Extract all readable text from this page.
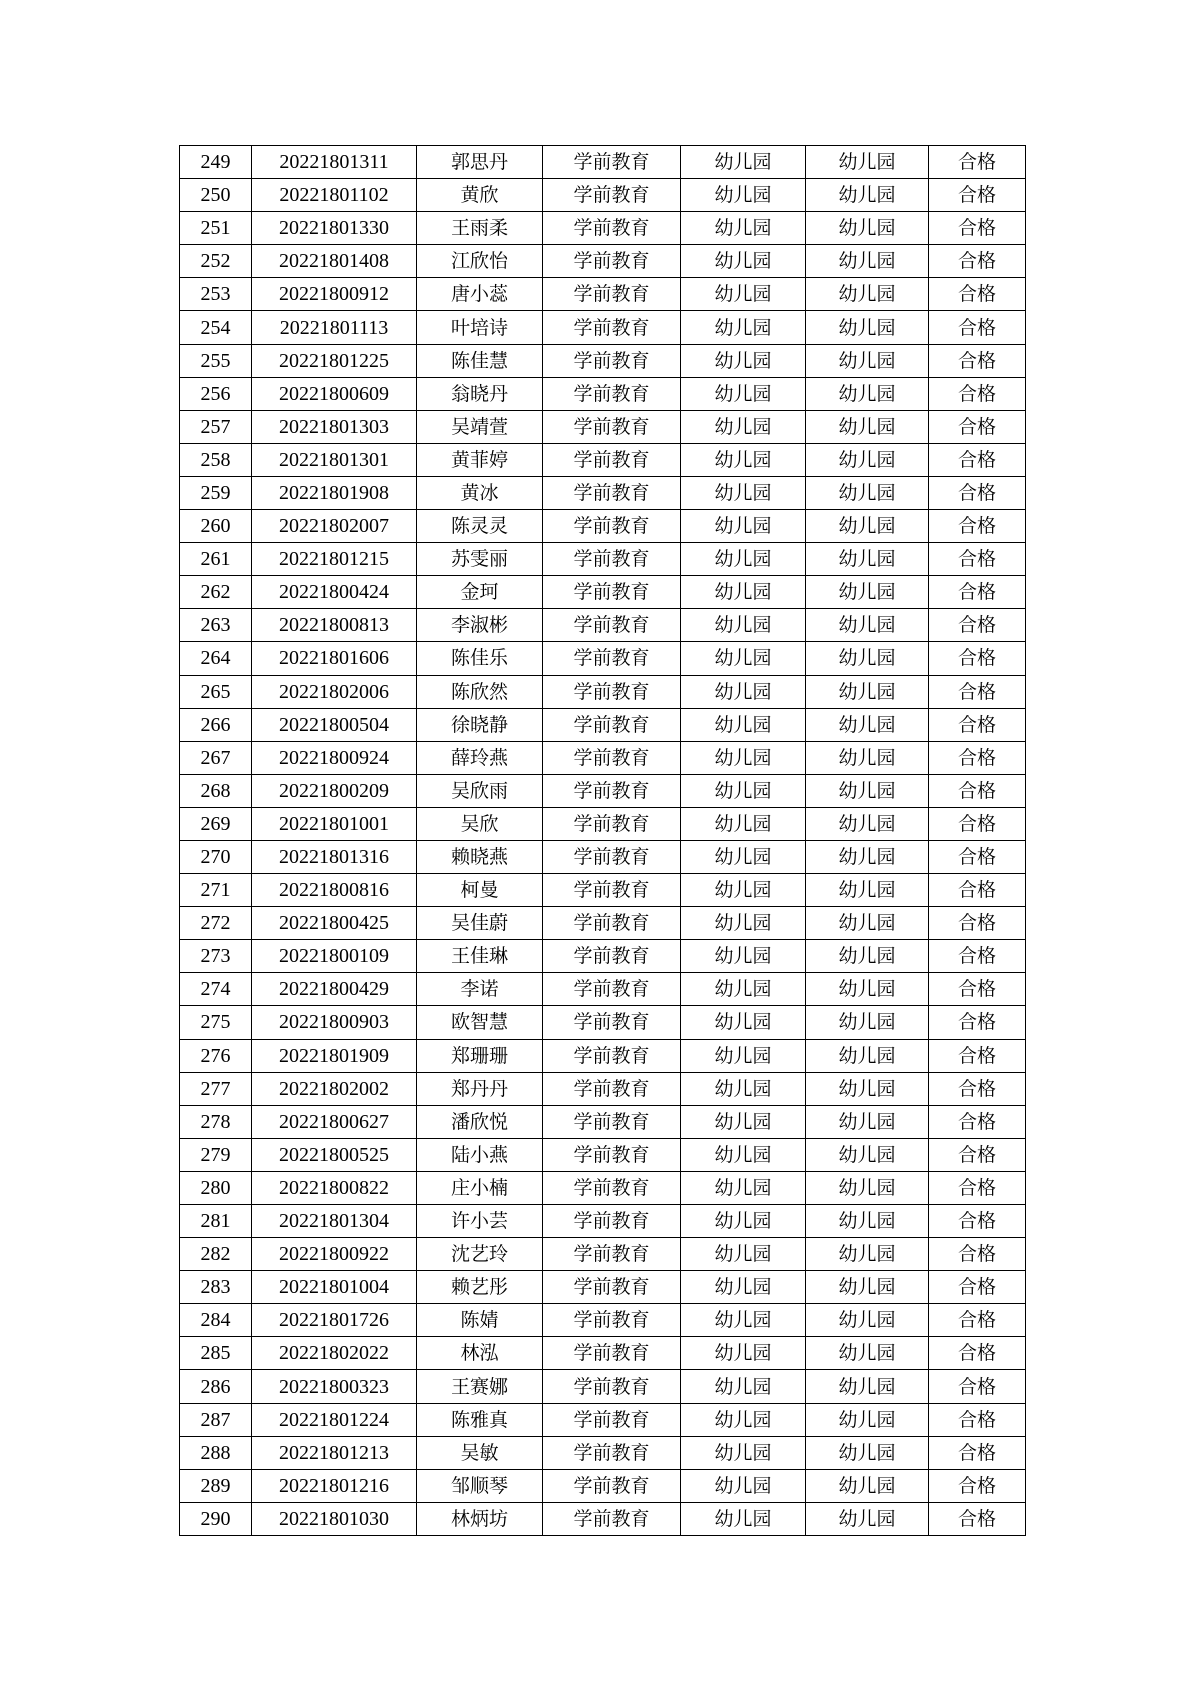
249	20221801311	郭思丹	学前教育	幼儿园	幼儿园	合格
250	20221801102	黄欣	学前教育	幼儿园	幼儿园	合格
251	20221801330	王雨柔	学前教育	幼儿园	幼儿园	合格
252	20221801408	江欣怡	学前教育	幼儿园	幼儿园	合格
253	20221800912	唐小蕊	学前教育	幼儿园	幼儿园	合格
254	20221801113	叶培诗	学前教育	幼儿园	幼儿园	合格
255	20221801225	陈佳慧	学前教育	幼儿园	幼儿园	合格
256	20221800609	翁晓丹	学前教育	幼儿园	幼儿园	合格
257	20221801303	吴靖萱	学前教育	幼儿园	幼儿园	合格
258	20221801301	黄菲婷	学前教育	幼儿园	幼儿园	合格
259	20221801908	黄冰	学前教育	幼儿园	幼儿园	合格
260	20221802007	陈灵灵	学前教育	幼儿园	幼儿园	合格
261	20221801215	苏雯丽	学前教育	幼儿园	幼儿园	合格
262	20221800424	金珂	学前教育	幼儿园	幼儿园	合格
263	20221800813	李淑彬	学前教育	幼儿园	幼儿园	合格
264	20221801606	陈佳乐	学前教育	幼儿园	幼儿园	合格
265	20221802006	陈欣然	学前教育	幼儿园	幼儿园	合格
266	20221800504	徐晓静	学前教育	幼儿园	幼儿园	合格
267	20221800924	薛玲燕	学前教育	幼儿园	幼儿园	合格
268	20221800209	吴欣雨	学前教育	幼儿园	幼儿园	合格
269	20221801001	吴欣	学前教育	幼儿园	幼儿园	合格
270	20221801316	赖晓燕	学前教育	幼儿园	幼儿园	合格
271	20221800816	柯曼	学前教育	幼儿园	幼儿园	合格
272	20221800425	吴佳蔚	学前教育	幼儿园	幼儿园	合格
273	20221800109	王佳琳	学前教育	幼儿园	幼儿园	合格
274	20221800429	李诺	学前教育	幼儿园	幼儿园	合格
275	20221800903	欧智慧	学前教育	幼儿园	幼儿园	合格
276	20221801909	郑珊珊	学前教育	幼儿园	幼儿园	合格
277	20221802002	郑丹丹	学前教育	幼儿园	幼儿园	合格
278	20221800627	潘欣悦	学前教育	幼儿园	幼儿园	合格
279	20221800525	陆小燕	学前教育	幼儿园	幼儿园	合格
280	20221800822	庄小楠	学前教育	幼儿园	幼儿园	合格
281	20221801304	许小芸	学前教育	幼儿园	幼儿园	合格
282	20221800922	沈艺玲	学前教育	幼儿园	幼儿园	合格
283	20221801004	赖艺彤	学前教育	幼儿园	幼儿园	合格
284	20221801726	陈婧	学前教育	幼儿园	幼儿园	合格
285	20221802022	林泓	学前教育	幼儿园	幼儿园	合格
286	20221800323	王赛娜	学前教育	幼儿园	幼儿园	合格
287	20221801224	陈雅真	学前教育	幼儿园	幼儿园	合格
288	20221801213	吴敏	学前教育	幼儿园	幼儿园	合格
289	20221801216	邹顺琴	学前教育	幼儿园	幼儿园	合格
290	20221801030	林炳坊	学前教育	幼儿园	幼儿园	合格
